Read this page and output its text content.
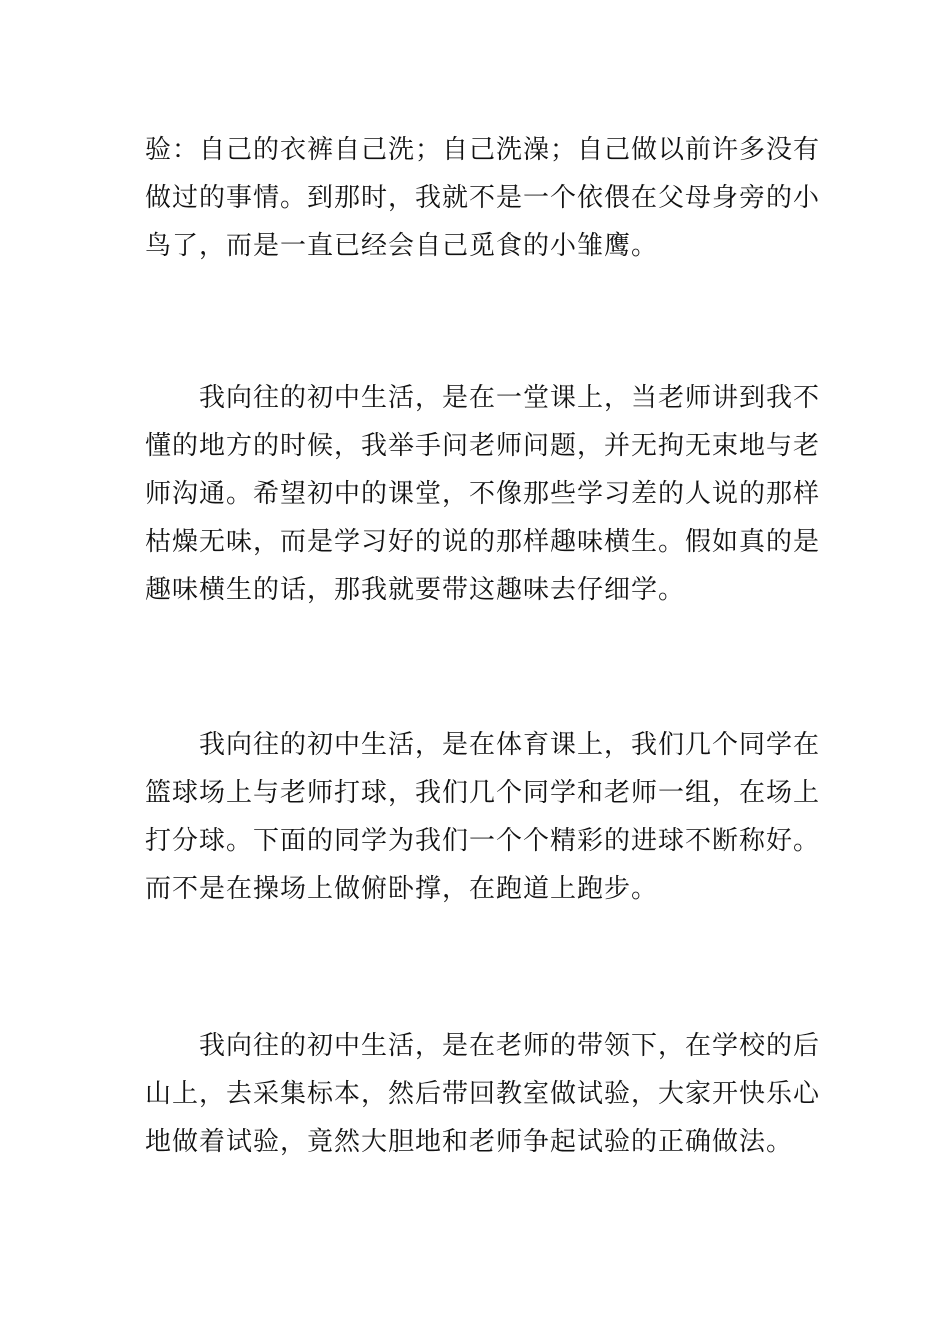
验：自己的衣裤自己洗；自己洗澡；自己做以前许多没有
做过的事情。到那时，我就不是一个依偎在父母身旁的小
鸟了，而是一直已经会自己觅食的小雏鹰。
我向往的初中生活，是在一堂课上，当老师讲到我不
懂的地方的时候，我举手问老师问题，并无拘无束地与老
师沟通。希望初中的课堂，不像那些学习差的人说的那样
枯燥无味，而是学习好的说的那样趣味横生。假如真的是
趣味横生的话，那我就要带这趣味去仔细学。
我向往的初中生活，是在体育课上，我们几个同学在
篮球场上与老师打球，我们几个同学和老师一组，在场上
打分球。下面的同学为我们一个个精彩的进球不断称好。
而不是在操场上做俯卧撑，在跑道上跑步。
我向往的初中生活，是在老师的带领下，在学校的后
山上，去采集标本，然后带回教室做试验，大家开快乐心
地做着试验，竟然大胆地和老师争起试验的正确做法。
